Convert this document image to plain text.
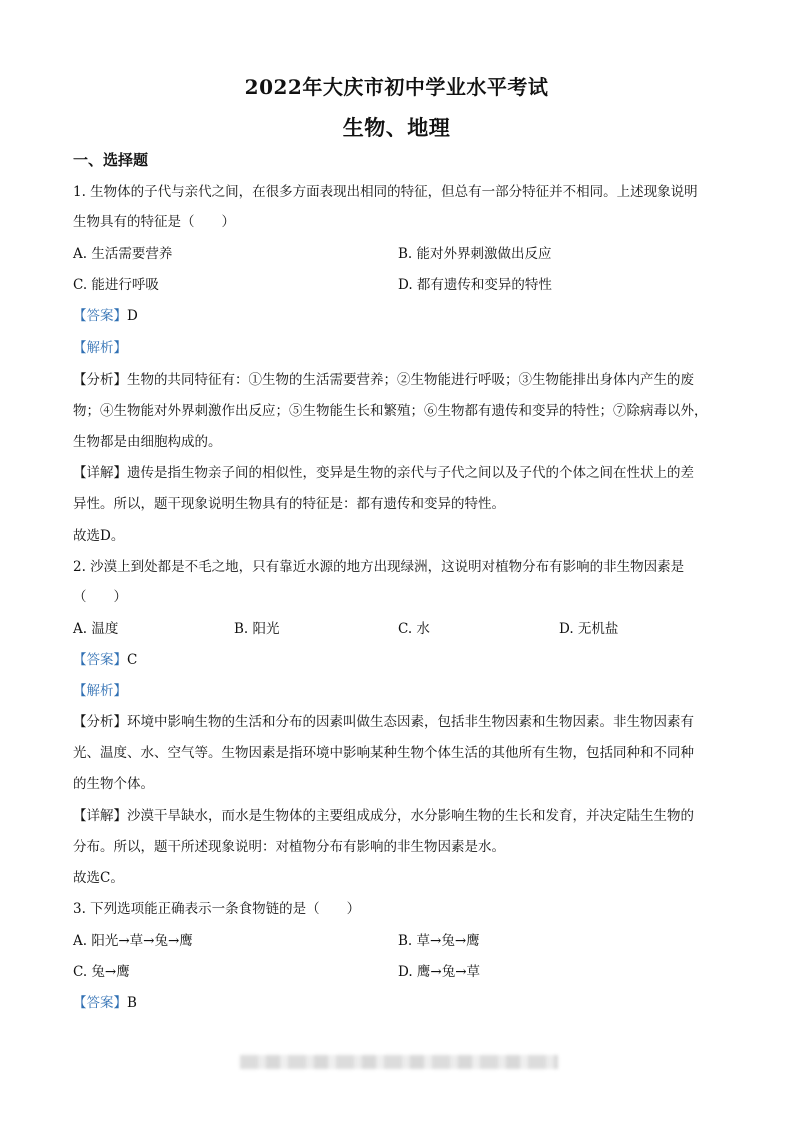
2022年大庆市初中学业水平考试
生物、地理
一、选择题
1. 生物体的子代与亲代之间，在很多方面表现出相同的特征，但总有一部分特征并不相同。上述现象说明
生物具有的特征是（　　）
A. 生活需要营养	B. 能对外界刺激做出反应
C. 能进行呼吸	D. 都有遗传和变异的特性
【答案】D
【解析】
【分析】生物的共同特征有：①生物的生活需要营养；②生物能进行呼吸；③生物能排出身体内产生的废
物；④生物能对外界刺激作出反应；⑤生物能生长和繁殖；⑥生物都有遗传和变异的特性；⑦除病毒以外，
生物都是由细胞构成的。
【详解】遗传是指生物亲子间的相似性，变异是生物的亲代与子代之间以及子代的个体之间在性状上的差
异性。所以，题干现象说明生物具有的特征是：都有遗传和变异的特性。
故选D。
2. 沙漠上到处都是不毛之地，只有靠近水源的地方出现绿洲，这说明对植物分布有影响的非生物因素是
（　　）
A. 温度	B. 阳光	C. 水	D. 无机盐
【答案】C
【解析】
【分析】环境中影响生物的生活和分布的因素叫做生态因素，包括非生物因素和生物因素。非生物因素有
光、温度、水、空气等。生物因素是指环境中影响某种生物个体生活的其他所有生物，包括同种和不同种
的生物个体。
【详解】沙漠干旱缺水，而水是生物体的主要组成成分，水分影响生物的生长和发育，并决定陆生生物的
分布。所以，题干所述现象说明：对植物分布有影响的非生物因素是水。
故选C。
3. 下列选项能正确表示一条食物链的是（　　）
A. 阳光→草→兔→鹰	B. 草→兔→鹰
C. 兔→鹰	D. 鹰→兔→草
【答案】B
